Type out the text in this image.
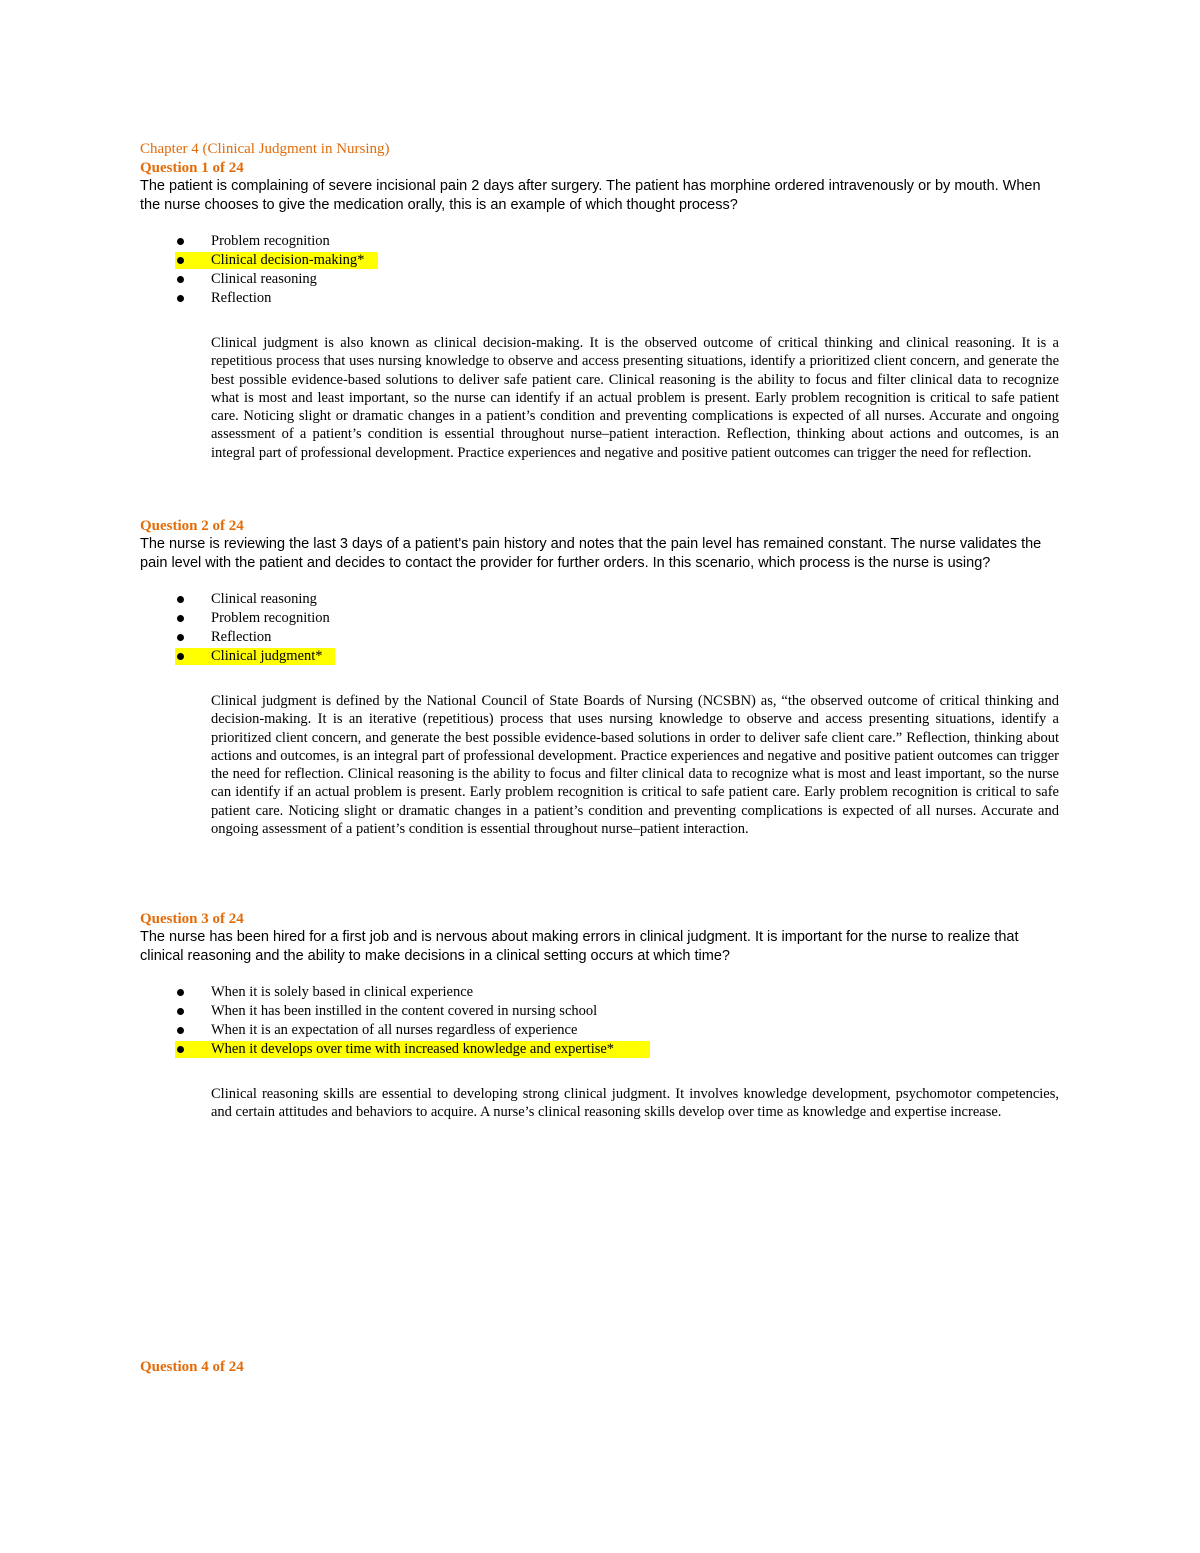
Chapter 4 (Clinical Judgment in Nursing)

Question 1 of 24

The patient is complaining of severe incisional pain 2 days after surgery. The patient has morphine ordered intravenously or by mouth. When the nurse chooses to give the medication orally, this is an example of which thought process?

Problem recognition
Clinical decision-making*
Clinical reasoning
Reflection

Clinical judgment is also known as clinical decision-making. It is the observed outcome of critical thinking and clinical reasoning. It is a repetitious process that uses nursing knowledge to observe and access presenting situations, identify a prioritized client concern, and generate the best possible evidence-based solutions to deliver safe patient care. Clinical reasoning is the ability to focus and filter clinical data to recognize what is most and least important, so the nurse can identify if an actual problem is present. Early problem recognition is critical to safe patient care. Noticing slight or dramatic changes in a patient’s condition and preventing complications is expected of all nurses. Accurate and ongoing assessment of a patient’s condition is essential throughout nurse–patient interaction. Reflection, thinking about actions and outcomes, is an integral part of professional development. Practice experiences and negative and positive patient outcomes can trigger the need for reflection.

Question 2 of 24

The nurse is reviewing the last 3 days of a patient's pain history and notes that the pain level has remained constant. The nurse validates the pain level with the patient and decides to contact the provider for further orders. In this scenario, which process is the nurse is using?

Clinical reasoning
Problem recognition
Reflection
Clinical judgment*

Clinical judgment is defined by the National Council of State Boards of Nursing (NCSBN) as, “the observed outcome of critical thinking and decision-making. It is an iterative (repetitious) process that uses nursing knowledge to observe and access presenting situations, identify a prioritized client concern, and generate the best possible evidence-based solutions in order to deliver safe client care.” Reflection, thinking about actions and outcomes, is an integral part of professional development. Practice experiences and negative and positive patient outcomes can trigger the need for reflection. Clinical reasoning is the ability to focus and filter clinical data to recognize what is most and least important, so the nurse can identify if an actual problem is present. Early problem recognition is critical to safe patient care. Early problem recognition is critical to safe patient care. Noticing slight or dramatic changes in a patient’s condition and preventing complications is expected of all nurses. Accurate and ongoing assessment of a patient’s condition is essential throughout nurse–patient interaction.

Question 3 of 24

The nurse has been hired for a first job and is nervous about making errors in clinical judgment. It is important for the nurse to realize that clinical reasoning and the ability to make decisions in a clinical setting occurs at which time?

When it is solely based in clinical experience
When it has been instilled in the content covered in nursing school
When it is an expectation of all nurses regardless of experience
When it develops over time with increased knowledge and expertise*

Clinical reasoning skills are essential to developing strong clinical judgment. It involves knowledge development, psychomotor competencies, and certain attitudes and behaviors to acquire. A nurse’s clinical reasoning skills develop over time as knowledge and expertise increase.

Question 4 of 24
